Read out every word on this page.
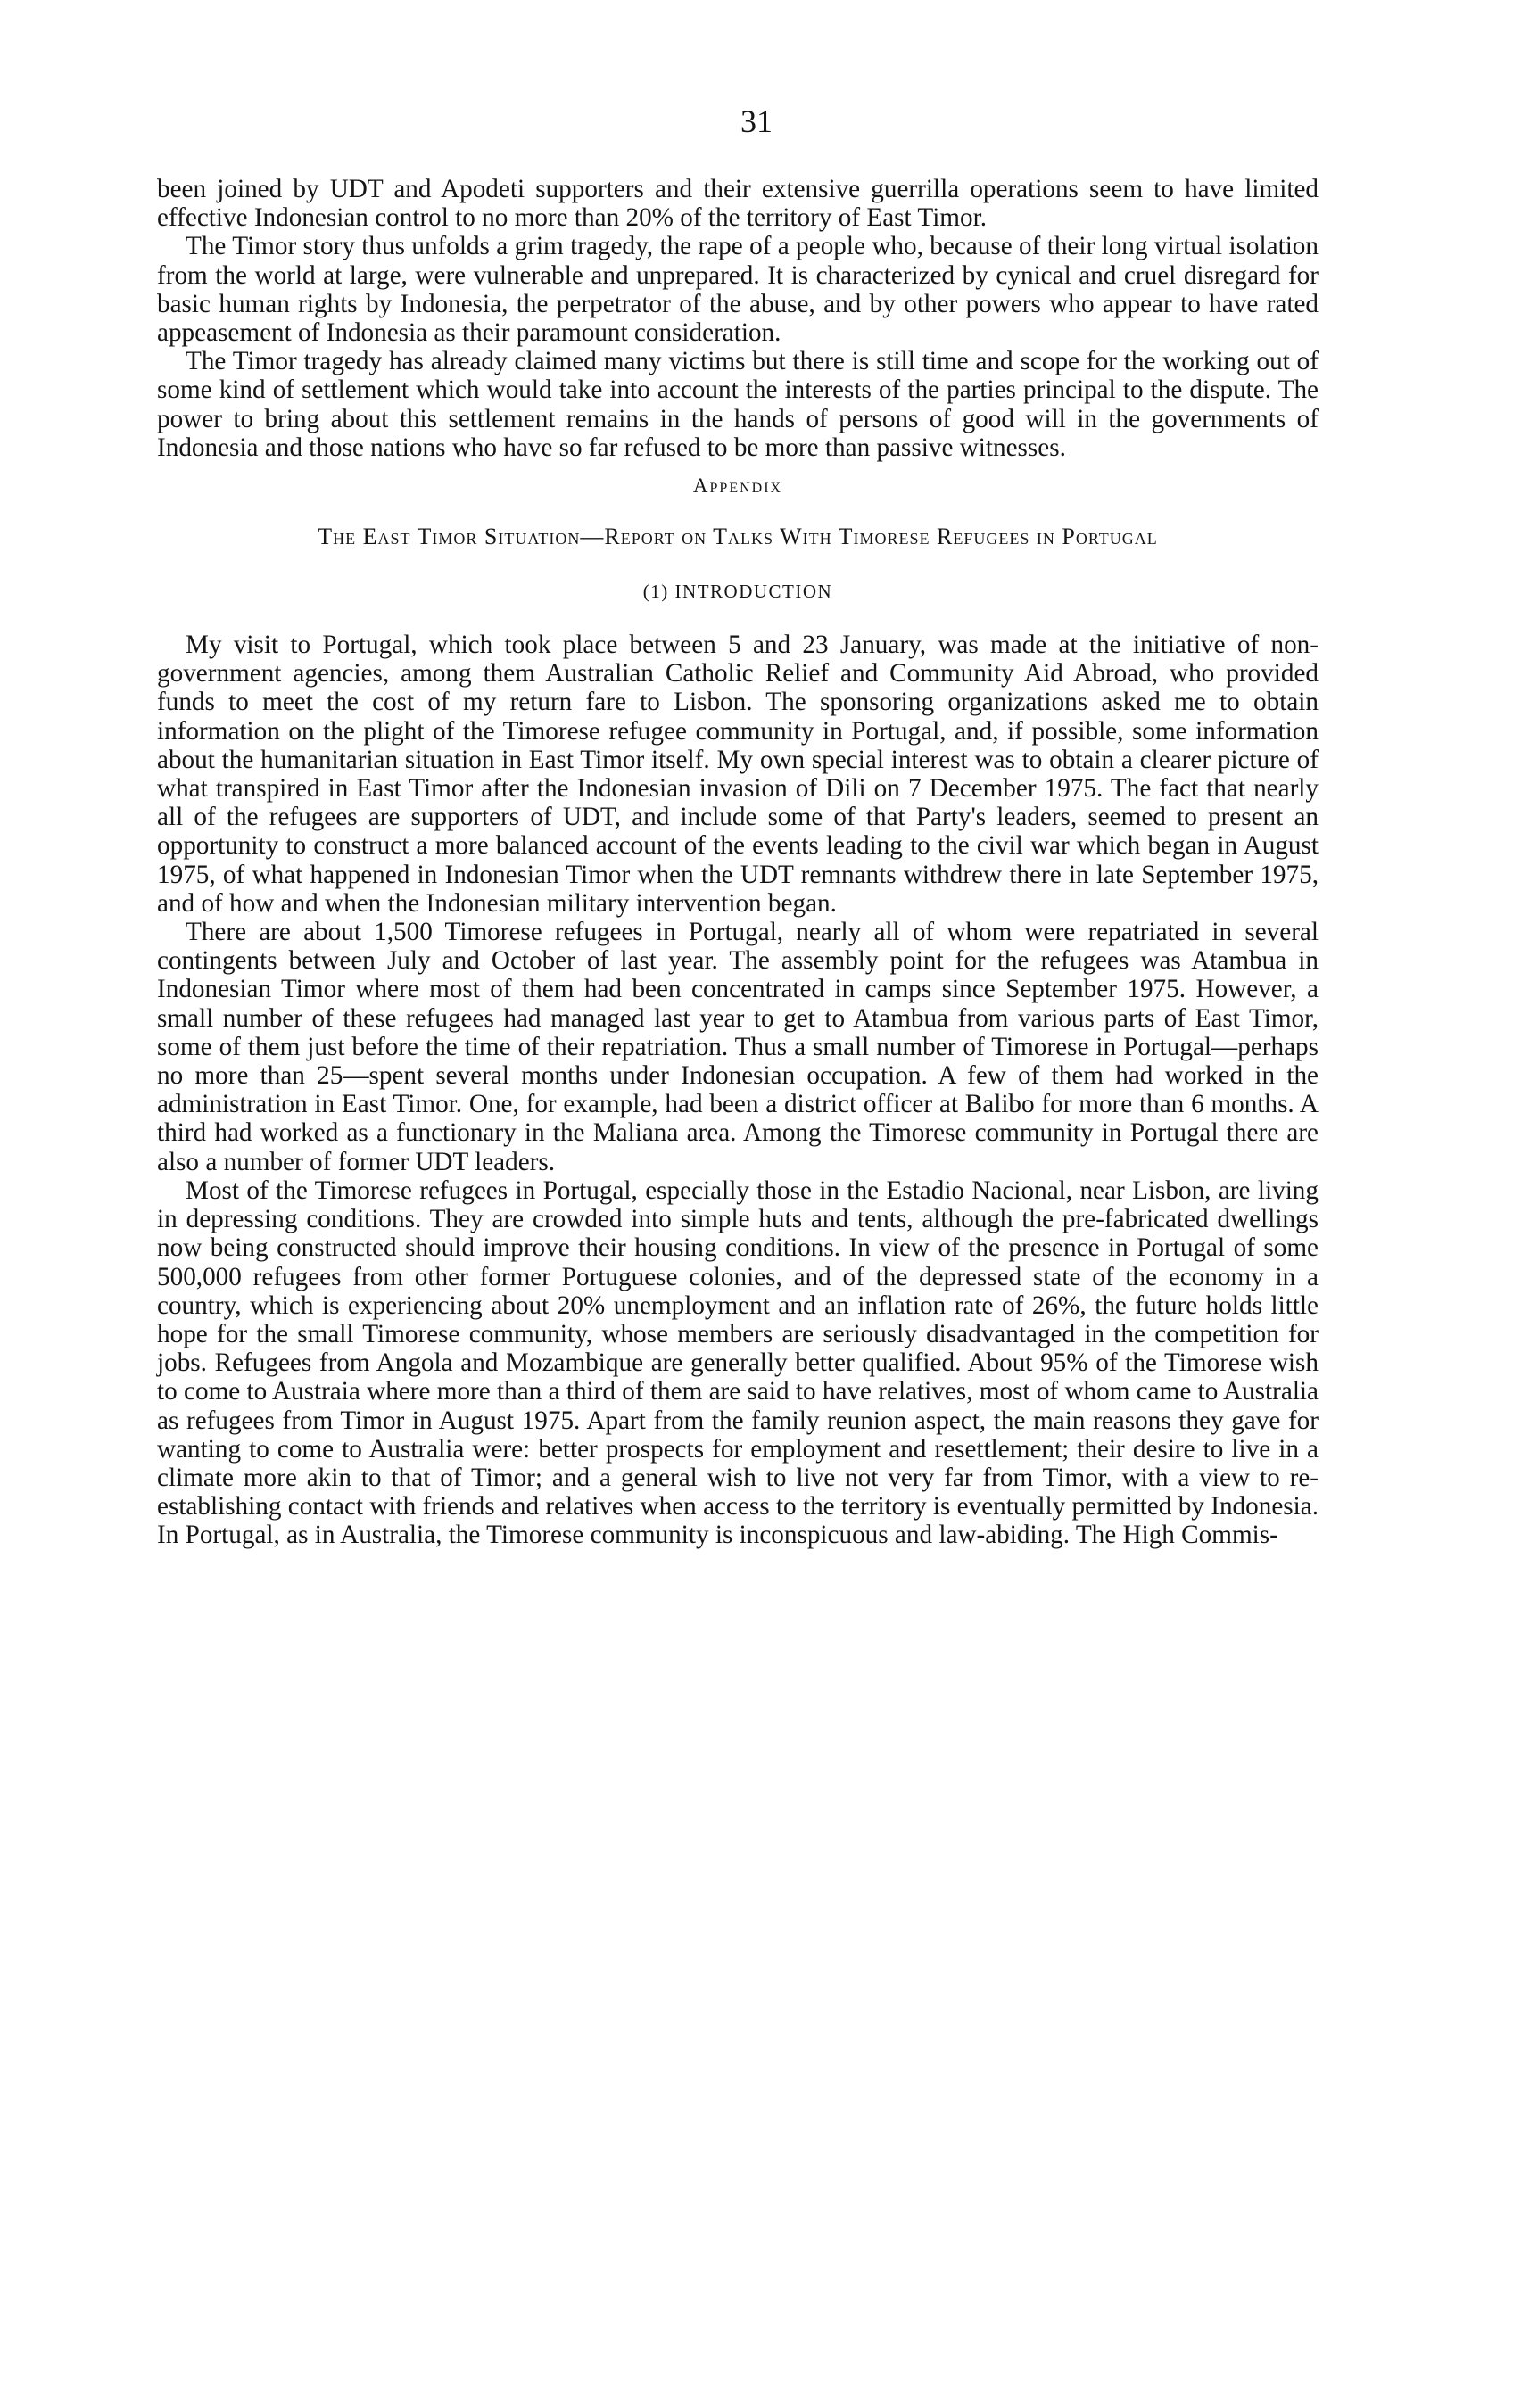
31

been joined by UDT and Apodeti supporters and their extensive guerrilla operations seem to have limited effective Indonesian control to no more than 20% of the territory of East Timor.

The Timor story thus unfolds a grim tragedy, the rape of a people who, because of their long virtual isolation from the world at large, were vulnerable and unprepared. It is characterized by cynical and cruel disregard for basic human rights by Indonesia, the perpetrator of the abuse, and by other powers who appear to have rated appeasement of Indonesia as their paramount consideration.

The Timor tragedy has already claimed many victims but there is still time and scope for the working out of some kind of settlement which would take into account the interests of the parties principal to the dispute. The power to bring about this settlement remains in the hands of persons of good will in the governments of Indonesia and those nations who have so far refused to be more than passive witnesses.

Appendix
The East Timor Situation—Report on Talks With Timorese Refugees in Portugal
(1) INTRODUCTION

My visit to Portugal, which took place between 5 and 23 January, was made at the initiative of non-government agencies, among them Australian Catholic Relief and Community Aid Abroad, who provided funds to meet the cost of my return fare to Lisbon. The sponsoring organizations asked me to obtain information on the plight of the Timorese refugee community in Portugal, and, if possible, some information about the humanitarian situation in East Timor itself. My own special interest was to obtain a clearer picture of what transpired in East Timor after the Indonesian invasion of Dili on 7 December 1975. The fact that nearly all of the refugees are supporters of UDT, and include some of that Party's leaders, seemed to present an opportunity to construct a more balanced account of the events leading to the civil war which began in August 1975, of what happened in Indonesian Timor when the UDT remnants withdrew there in late September 1975, and of how and when the Indonesian military intervention began.

There are about 1,500 Timorese refugees in Portugal, nearly all of whom were repatriated in several contingents between July and October of last year. The assembly point for the refugees was Atambua in Indonesian Timor where most of them had been concentrated in camps since September 1975. However, a small number of these refugees had managed last year to get to Atambua from various parts of East Timor, some of them just before the time of their repatriation. Thus a small number of Timorese in Portugal—perhaps no more than 25—spent several months under Indonesian occupation. A few of them had worked in the administration in East Timor. One, for example, had been a district officer at Balibo for more than 6 months. A third had worked as a functionary in the Maliana area. Among the Timorese community in Portugal there are also a number of former UDT leaders.

Most of the Timorese refugees in Portugal, especially those in the Estadio Nacional, near Lisbon, are living in depressing conditions. They are crowded into simple huts and tents, although the pre-fabricated dwellings now being constructed should improve their housing conditions. In view of the presence in Portugal of some 500,000 refugees from other former Portuguese colonies, and of the depressed state of the economy in a country, which is experiencing about 20% unemployment and an inflation rate of 26%, the future holds little hope for the small Timorese community, whose members are seriously disadvantaged in the competition for jobs. Refugees from Angola and Mozambique are generally better qualified. About 95% of the Timorese wish to come to Austraia where more than a third of them are said to have relatives, most of whom came to Australia as refugees from Timor in August 1975. Apart from the family reunion aspect, the main reasons they gave for wanting to come to Australia were: better prospects for employment and resettlement; their desire to live in a climate more akin to that of Timor; and a general wish to live not very far from Timor, with a view to re-establishing contact with friends and relatives when access to the territory is eventually permitted by Indonesia. In Portugal, as in Australia, the Timorese community is inconspicuous and law-abiding. The High Commis-
